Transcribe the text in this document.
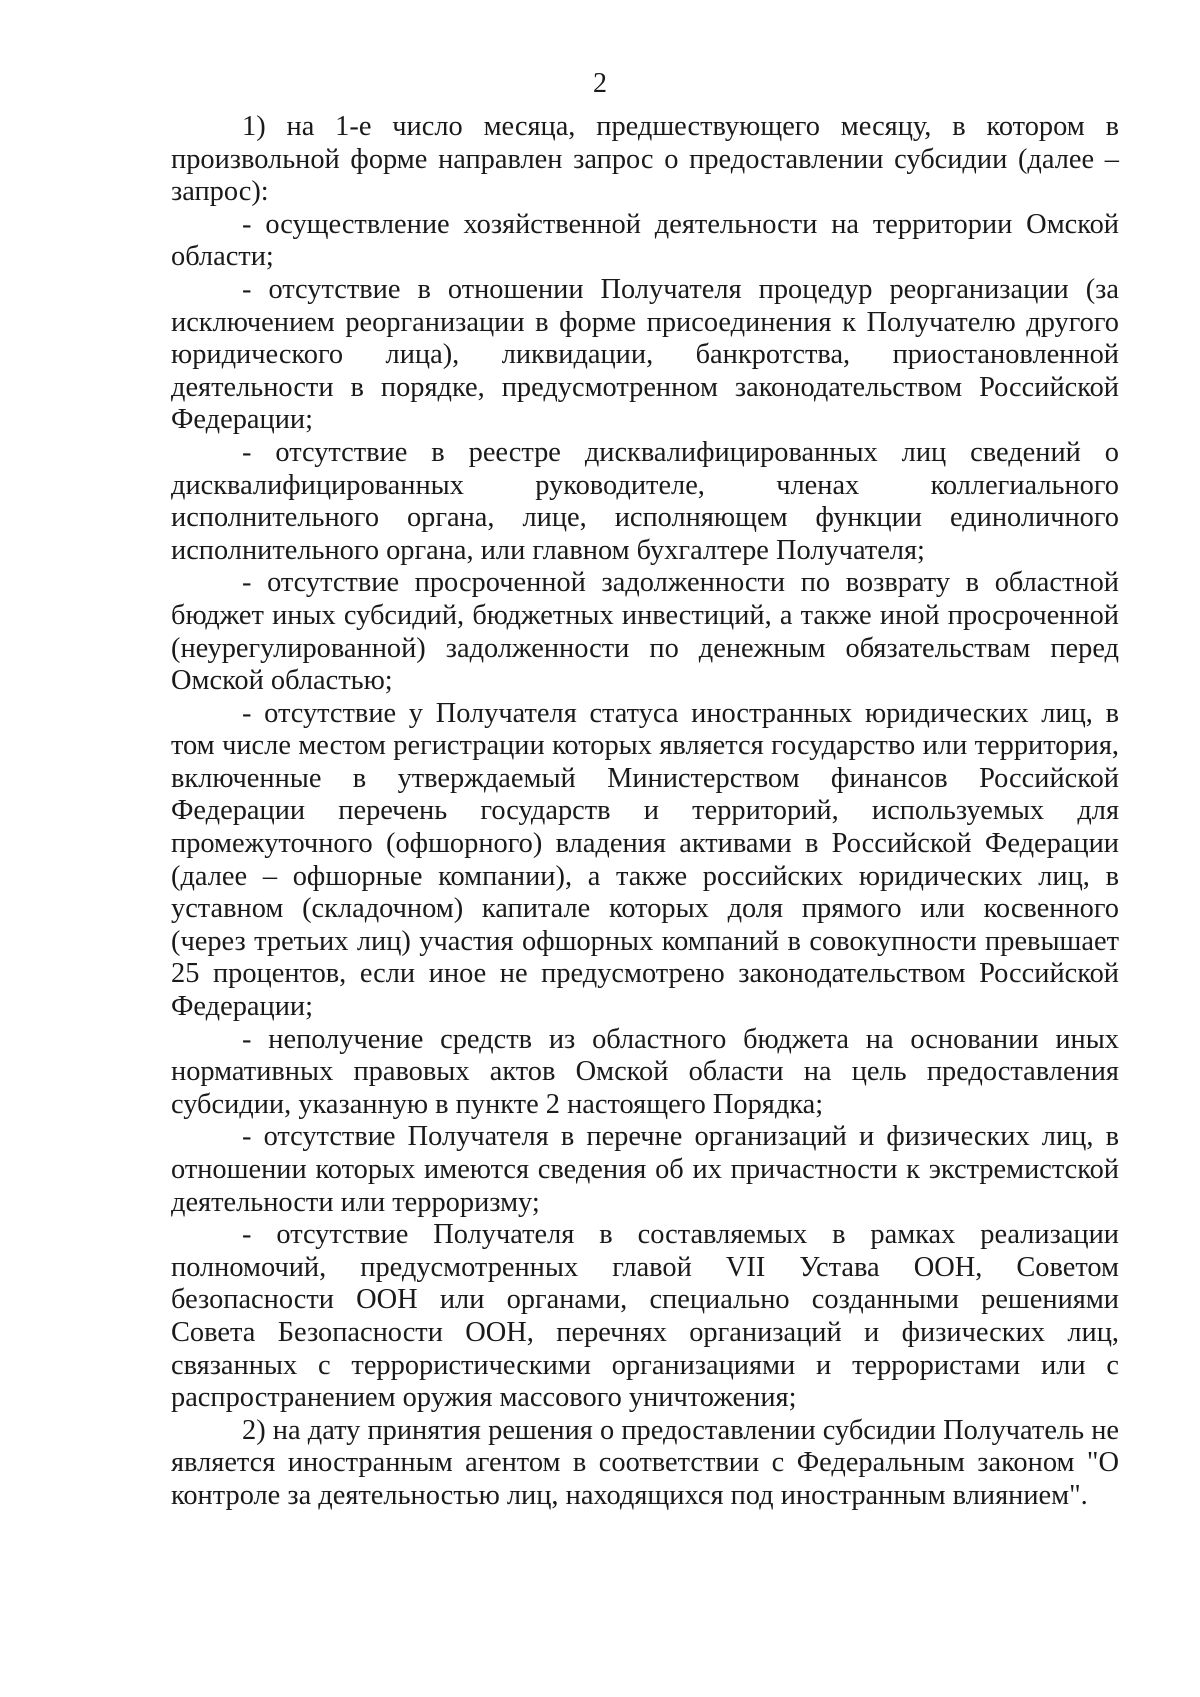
2

1) на 1-е число месяца, предшествующего месяцу, в котором в произвольной форме направлен запрос о предоставлении субсидии (далее – запрос):

- осуществление хозяйственной деятельности на территории Омской области;

- отсутствие в отношении Получателя процедур реорганизации (за исключением реорганизации в форме присоединения к Получателю другого юридического лица), ликвидации, банкротства, приостановленной деятельности в порядке, предусмотренном законодательством Российской Федерации;

- отсутствие в реестре дисквалифицированных лиц сведений о дисквалифицированных руководителе, членах коллегиального исполнительного органа, лице, исполняющем функции единоличного исполнительного органа, или главном бухгалтере Получателя;

- отсутствие просроченной задолженности по возврату в областной бюджет иных субсидий, бюджетных инвестиций, а также иной просроченной (неурегулированной) задолженности по денежным обязательствам перед Омской областью;

- отсутствие у Получателя статуса иностранных юридических лиц, в том числе местом регистрации которых является государство или территория, включенные в утверждаемый Министерством финансов Российской Федерации перечень государств и территорий, используемых для промежуточного (офшорного) владения активами в Российской Федерации (далее – офшорные компании), а также российских юридических лиц, в уставном (складочном) капитале которых доля прямого или косвенного (через третьих лиц) участия офшорных компаний в совокупности превышает 25 процентов, если иное не предусмотрено законодательством Российской Федерации;

- неполучение средств из областного бюджета на основании иных нормативных правовых актов Омской области на цель предоставления субсидии, указанную в пункте 2 настоящего Порядка;

- отсутствие Получателя в перечне организаций и физических лиц, в отношении которых имеются сведения об их причастности к экстремистской деятельности или терроризму;

- отсутствие Получателя в составляемых в рамках реализации полномочий, предусмотренных главой VII Устава ООН, Советом безопасности ООН или органами, специально созданными решениями Совета Безопасности ООН, перечнях организаций и физических лиц, связанных с террористическими организациями и террористами или с распространением оружия массового уничтожения;

2) на дату принятия решения о предоставлении субсидии Получатель не является иностранным агентом в соответствии с Федеральным законом "О контроле за деятельностью лиц, находящихся под иностранным влиянием".
